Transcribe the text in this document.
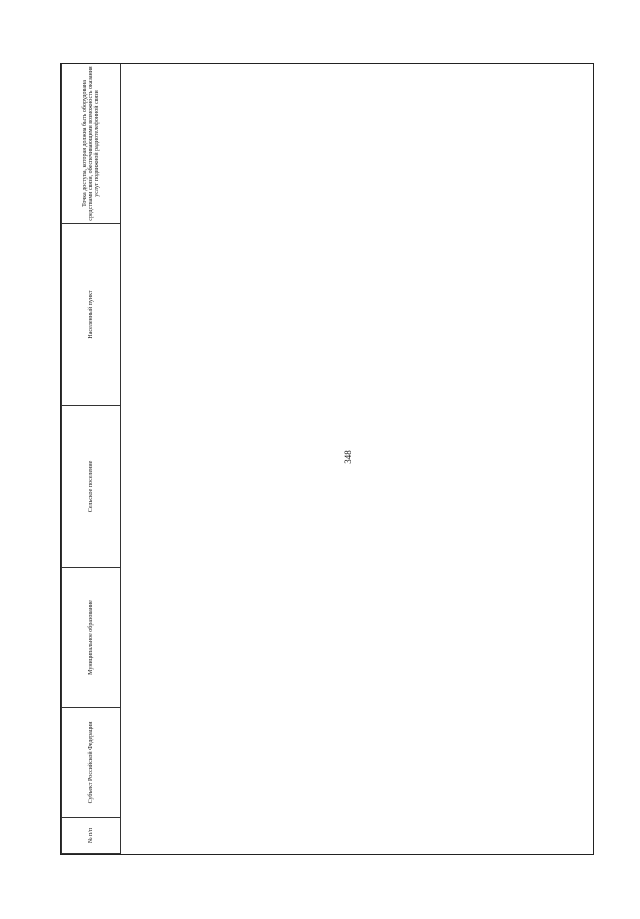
348
№ п/п	Субъект Российской Федерации	Муниципальное образование	Сельское поселение	Населенный пункт	Точка доступа, которая должна быть оборудована средствами связи, обеспечивающими возможность оказания услуг подвижной радиотелефонной связи
